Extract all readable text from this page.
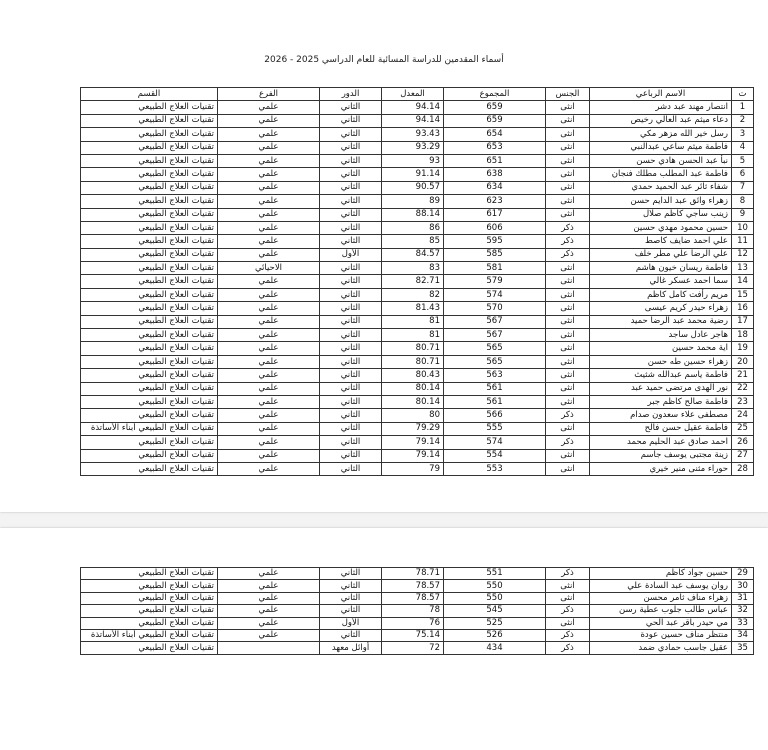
أسماء المقدمين للدراسة المسائية للعام الدراسي 2025 - 2026
ت	الاسم الرباعي	الجنس	المجموع	المعدل	الدور	الفرع	القسم
1	انتصار مهند عبد دشر	انثى	659	94.14	الثاني	علمي	تقنيات العلاج الطبيعي
2	دعاء ميثم عبد العالي رخيص	انثى	659	94.14	الثاني	علمي	تقنيات العلاج الطبيعي
3	رسل خير الله مزهر مكي	انثى	654	93.43	الثاني	علمي	تقنيات العلاج الطبيعي
4	فاطمة ميثم ساعي عبدالنبي	انثى	653	93.29	الثاني	علمي	تقنيات العلاج الطبيعي
5	نبأ عبد الحسن هادي حسن	انثى	651	93	الثاني	علمي	تقنيات العلاج الطبيعي
6	فاطمة عبد المطلب مطلك فنجان	انثى	638	91.14	الثاني	علمي	تقنيات العلاج الطبيعي
7	شفاء ثائر عبد الحميد حمدي	انثى	634	90.57	الثاني	علمي	تقنيات العلاج الطبيعي
8	زهراء وائق عبد الدايم حسن	انثى	623	89	الثاني	علمي	تقنيات العلاج الطبيعي
9	زينب ساجي كاظم صلال	انثى	617	88.14	الثاني	علمي	تقنيات العلاج الطبيعي
10	حسين محمود مهدي حسين	ذكر	606	86	الثاني	علمي	تقنيات العلاج الطبيعي
11	علي احمد ضايف كاصط	ذكر	595	85	الثاني	علمي	تقنيات العلاج الطبيعي
12	علي الرضا علي مطر خلف	ذكر	585	84.57	الأول	علمي	تقنيات العلاج الطبيعي
13	فاطمة ريسان خيون هاشم	انثى	581	83	الثاني	الاحيائي	تقنيات العلاج الطبيعي
14	سما احمد عسكر غالي	انثى	579	82.71	الثاني	علمي	تقنيات العلاج الطبيعي
15	مريم رأفت كامل كاظم	انثى	574	82	الثاني	علمي	تقنيات العلاج الطبيعي
16	زهراء حيدر كريم عيسى	انثى	570	81.43	الثاني	علمي	تقنيات العلاج الطبيعي
17	رضية محمد عبد الرضا حميد	انثى	567	81	الثاني	علمي	تقنيات العلاج الطبيعي
18	هاجر عادل ساجد	انثى	567	81	الثاني	علمي	تقنيات العلاج الطبيعي
19	اية محمد حسين	انثى	565	80.71	الثاني	علمي	تقنيات العلاج الطبيعي
20	زهراء حسين طه حسن	انثى	565	80.71	الثاني	علمي	تقنيات العلاج الطبيعي
21	فاطمة ياسم عبدالله شثيث	انثى	563	80.43	الثاني	علمي	تقنيات العلاج الطبيعي
22	نور الهدى مرتضى حميد عبد	انثى	561	80.14	الثاني	علمي	تقنيات العلاج الطبيعي
23	فاطمة صالح كاظم جبر	انثى	561	80.14	الثاني	علمي	تقنيات العلاج الطبيعي
24	مصطفى علاء سعدون صدام	ذكر	566	80	الثاني	علمي	تقنيات العلاج الطبيعي
25	فاطمة عقيل حسن فالح	انثى	555	79.29	الثاني	علمي	تقنيات العلاج الطبيعي أبناء الأساتذة
26	احمد صادق عبد الحليم محمد	ذكر	574	79.14	الثاني	علمي	تقنيات العلاج الطبيعي
27	زينة مجتبى يوسف جاسم	انثى	554	79.14	الثاني	علمي	تقنيات العلاج الطبيعي
28	حوراء مثنى منير خيري	انثى	553	79	الثاني	علمي	تقنيات العلاج الطبيعي
29	حسين جواد كاظم	ذكر	551	78.71	الثاني	علمي	تقنيات العلاج الطبيعي
30	روان يوسف عبد السادة علي	انثى	550	78.57	الثاني	علمي	تقنيات العلاج الطبيعي
31	زهراء مناف ثامر محسن	انثى	550	78.57	الثاني	علمي	تقنيات العلاج الطبيعي
32	عباس طالب جلوب عطية رسن	ذكر	545	78	الثاني	علمي	تقنيات العلاج الطبيعي
33	مي حيدر باقر عبد الحي	انثى	525	76	الأول	علمي	تقنيات العلاج الطبيعي
34	منتظر مناف حسين عودة	ذكر	526	75.14	الثاني	علمي	تقنيات العلاج الطبيعي أبناء الأساتذة
35	عقيل جاسب حمادي ضمد	ذكر	434	72	أوائل معهد		تقنيات العلاج الطبيعي
